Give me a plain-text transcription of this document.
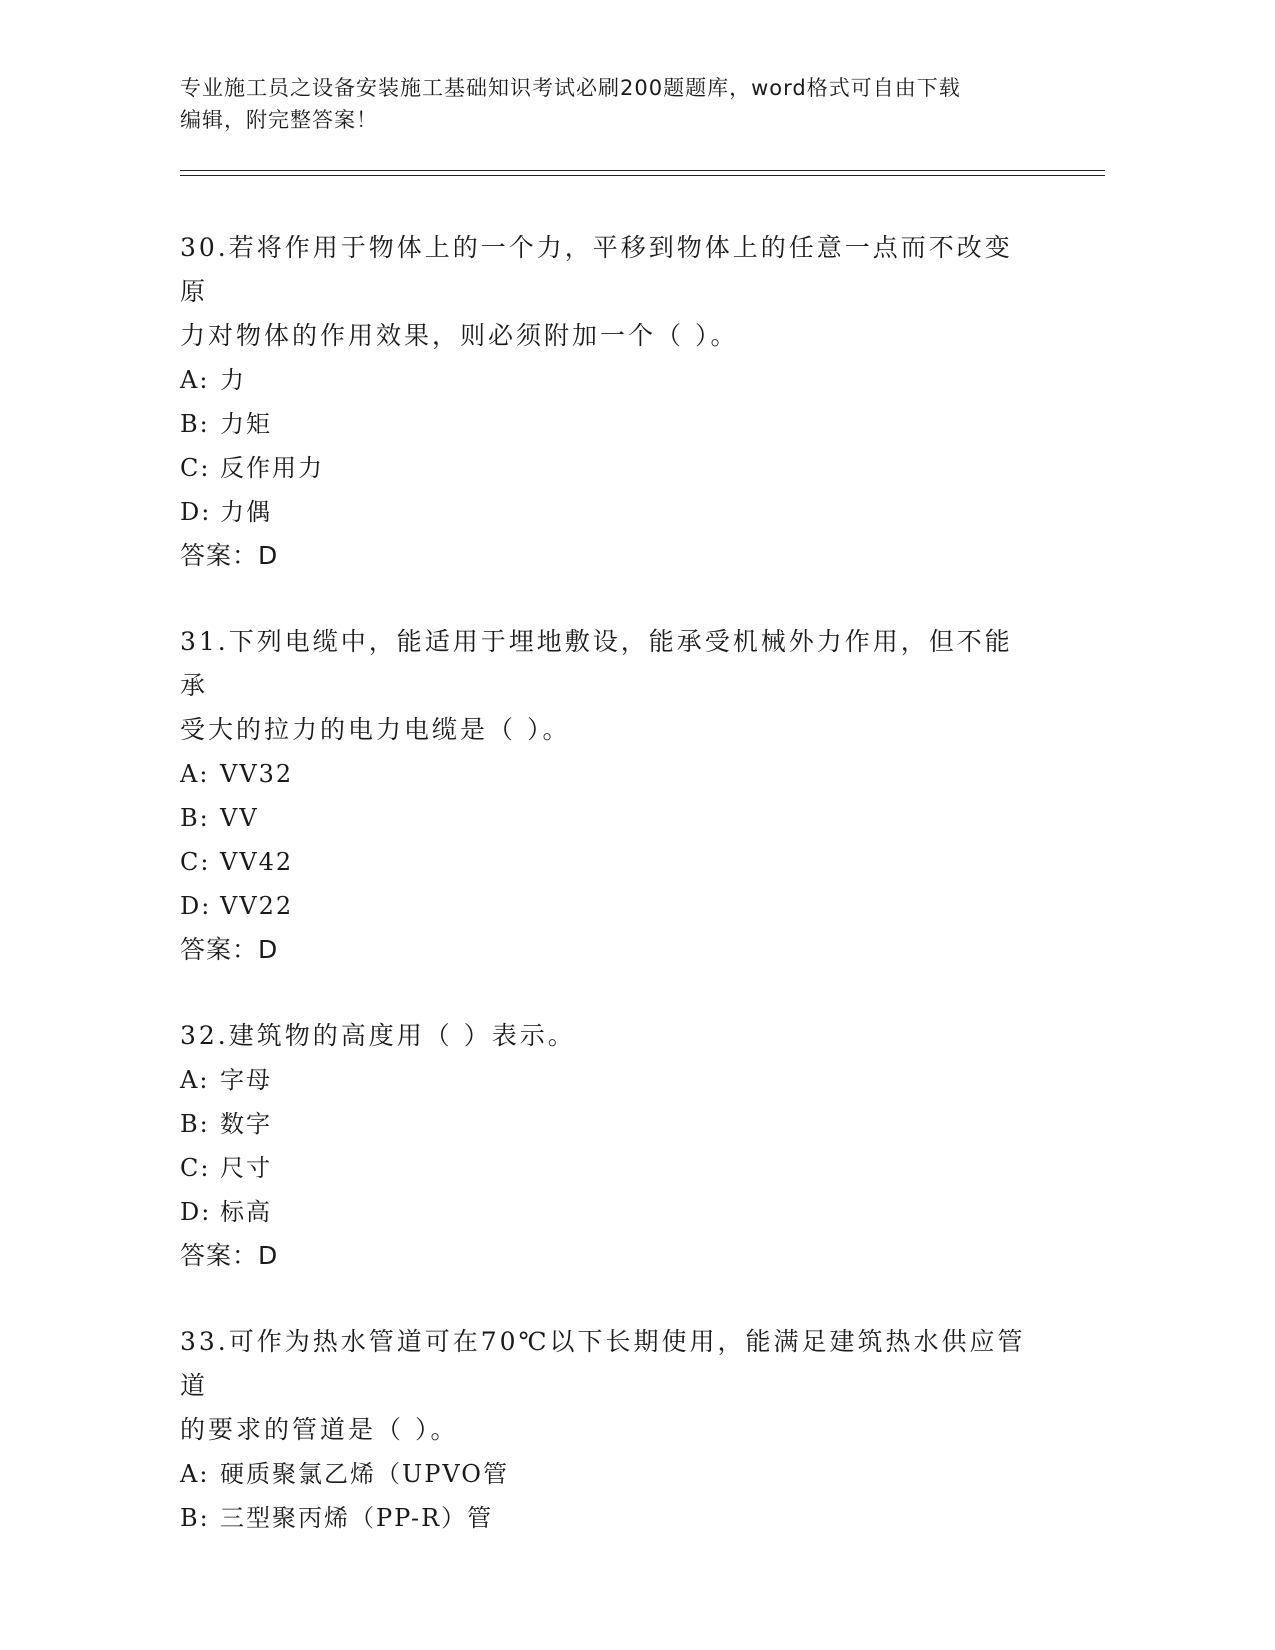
专业施工员之设备安装施工基础知识考试必刷200题题库，word格式可自由下载
编辑，附完整答案！
30.若将作用于物体上的一个力，平移到物体上的任意一点而不改变原
力对物体的作用效果，则必须附加一个（ ）。
A: 力
B: 力矩
C: 反作用力
D: 力偶
答案：D
31.下列电缆中，能适用于埋地敷设，能承受机械外力作用，但不能承
受大的拉力的电力电缆是（ ）。
A: VV32
B: VV
C: VV42
D: VV22
答案：D
32.建筑物的高度用（ ）表示。
A: 字母
B: 数字
C: 尺寸
D: 标高
答案：D
33.可作为热水管道可在70℃以下长期使用，能满足建筑热水供应管道
的要求的管道是（ ）。
A: 硬质聚氯乙烯（UPVO管
B: 三型聚丙烯（PP-R）管
